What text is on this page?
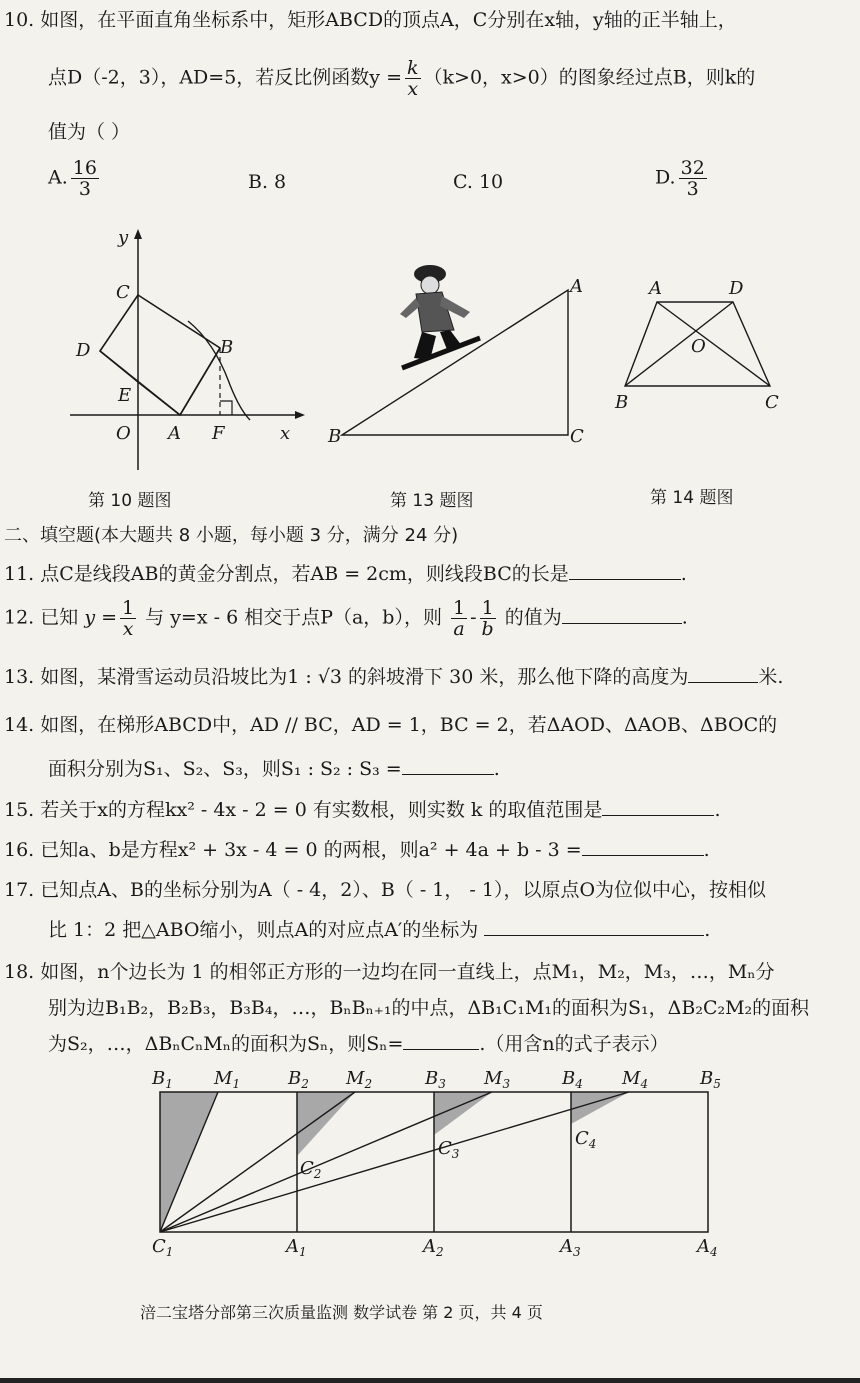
10. 如图，在平面直角坐标系中，矩形ABCD的顶点A，C分别在x轴，y轴的正半轴上，
点D（-2，3），AD=5，若反比例函数$y = \frac{k}{x} (k>0$，x>0）的图象经过点B，则k的
值为（ ）
A. $\frac{16}{3}$	B. 8	C. 10	D. $\frac{32}{3}$
y
C
D	B
E
O A F	x
第 10 题图
A
B	C
第 13 题图
A	D
O
B	C
第 14 题图
二、填空题(本大题共 8 小题，每小题 3 分，满分 24 分)
11. 点C是线段AB的黄金分割点，若AB = 2cm，则线段BC的长是	.
12. 已知 $y = \frac{1}{x}$ 与 y=x - 6 相交于点P（a，b），则 $\frac{1}{a} - \frac{1}{b}$ 的值为	.
13. 如图，某滑雪运动员沿坡比为1 : √3 的斜坡滑下 30 米，那么他下降的高度为	米.
14. 如图，在梯形ABCD中，AD // BC，AD = 1，BC = 2，若ΔAOD、ΔAOB、ΔBOC的
面积分别为S₁、S₂、S₃，则S₁ : S₂ : S₃ =	.
15. 若关于x的方程kx² - 4x - 2 = 0 有实数根，则实数 k 的取值范围是	.
16. 已知a、b是方程x² + 3x - 4 = 0 的两根，则a² + 4a + b - 3 =	.
17. 已知点A、B的坐标分别为A（ - 4，2）、B（ - 1， - 1），以原点O为位似中心，按相似
比 1：2 把△ABO缩小，则点A的对应点A′的坐标为	.
18. 如图，n个边长为 1 的相邻正方形的一边均在同一直线上，点M₁，M₂，M₃，…，Mₙ分
别为边B₁B₂，B₂B₃，B₃B₄，…，BₙBₙ₊₁的中点，ΔB₁C₁M₁的面积为S₁，ΔB₂C₂M₂的面积
为S₂，…，ΔBₙCₙMₙ的面积为Sₙ，则Sₙ=	.（用含n的式子表示）
$B_1$ $M_1$	$B_2$ $M_2$	$B_3$ $M_3$	$B_4$ $M_4$	$B_5$
$C_2$
$C_3$
$C_4$
$C_1$	$A_1$	$A_2$	$A_3$	$A_4$
涪二宝塔分部第三次质量监测 数学试卷 第 2 页，共 4 页
